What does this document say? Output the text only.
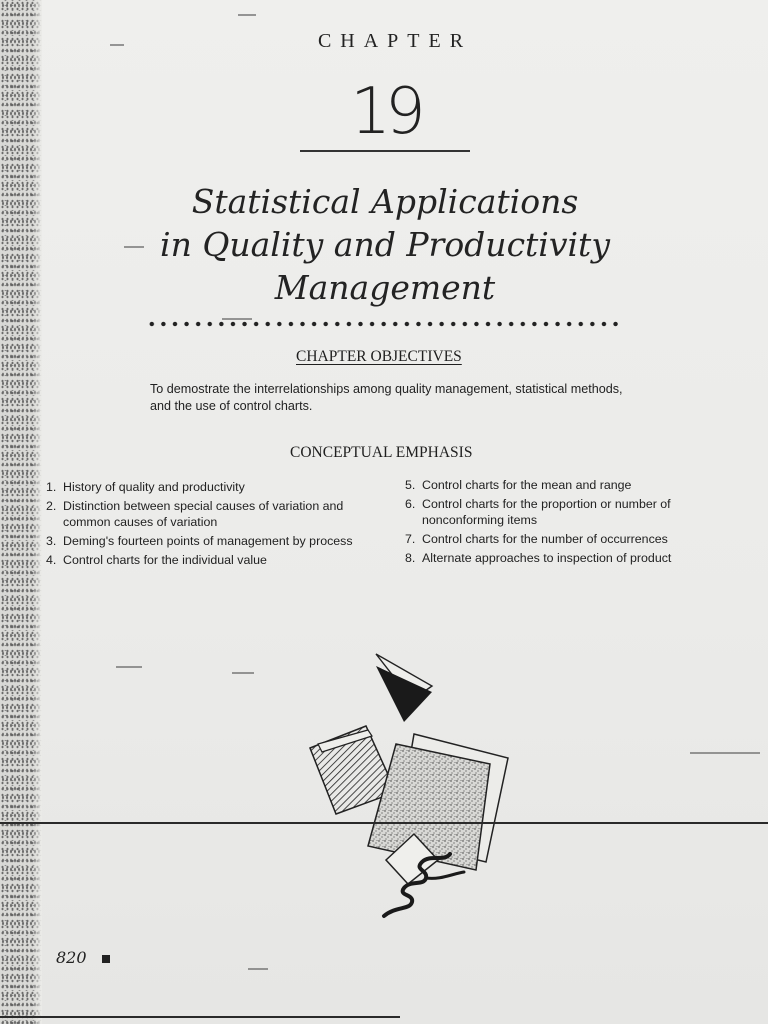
CHAPTER
19
Statistical Applications
in Quality and Productivity
Management
CHAPTER OBJECTIVES
To demostrate the interrelationships among quality management, statistical methods, and the use of control charts.
CONCEPTUAL EMPHASIS
1. History of quality and productivity
2. Distinction between special causes of variation and common causes of variation
3. Deming's fourteen points of management by process
4. Control charts for the individual value
5. Control charts for the mean and range
6. Control charts for the proportion or number of nonconforming items
7. Control charts for the number of occurrences
8. Alternate approaches to inspection of product
820
